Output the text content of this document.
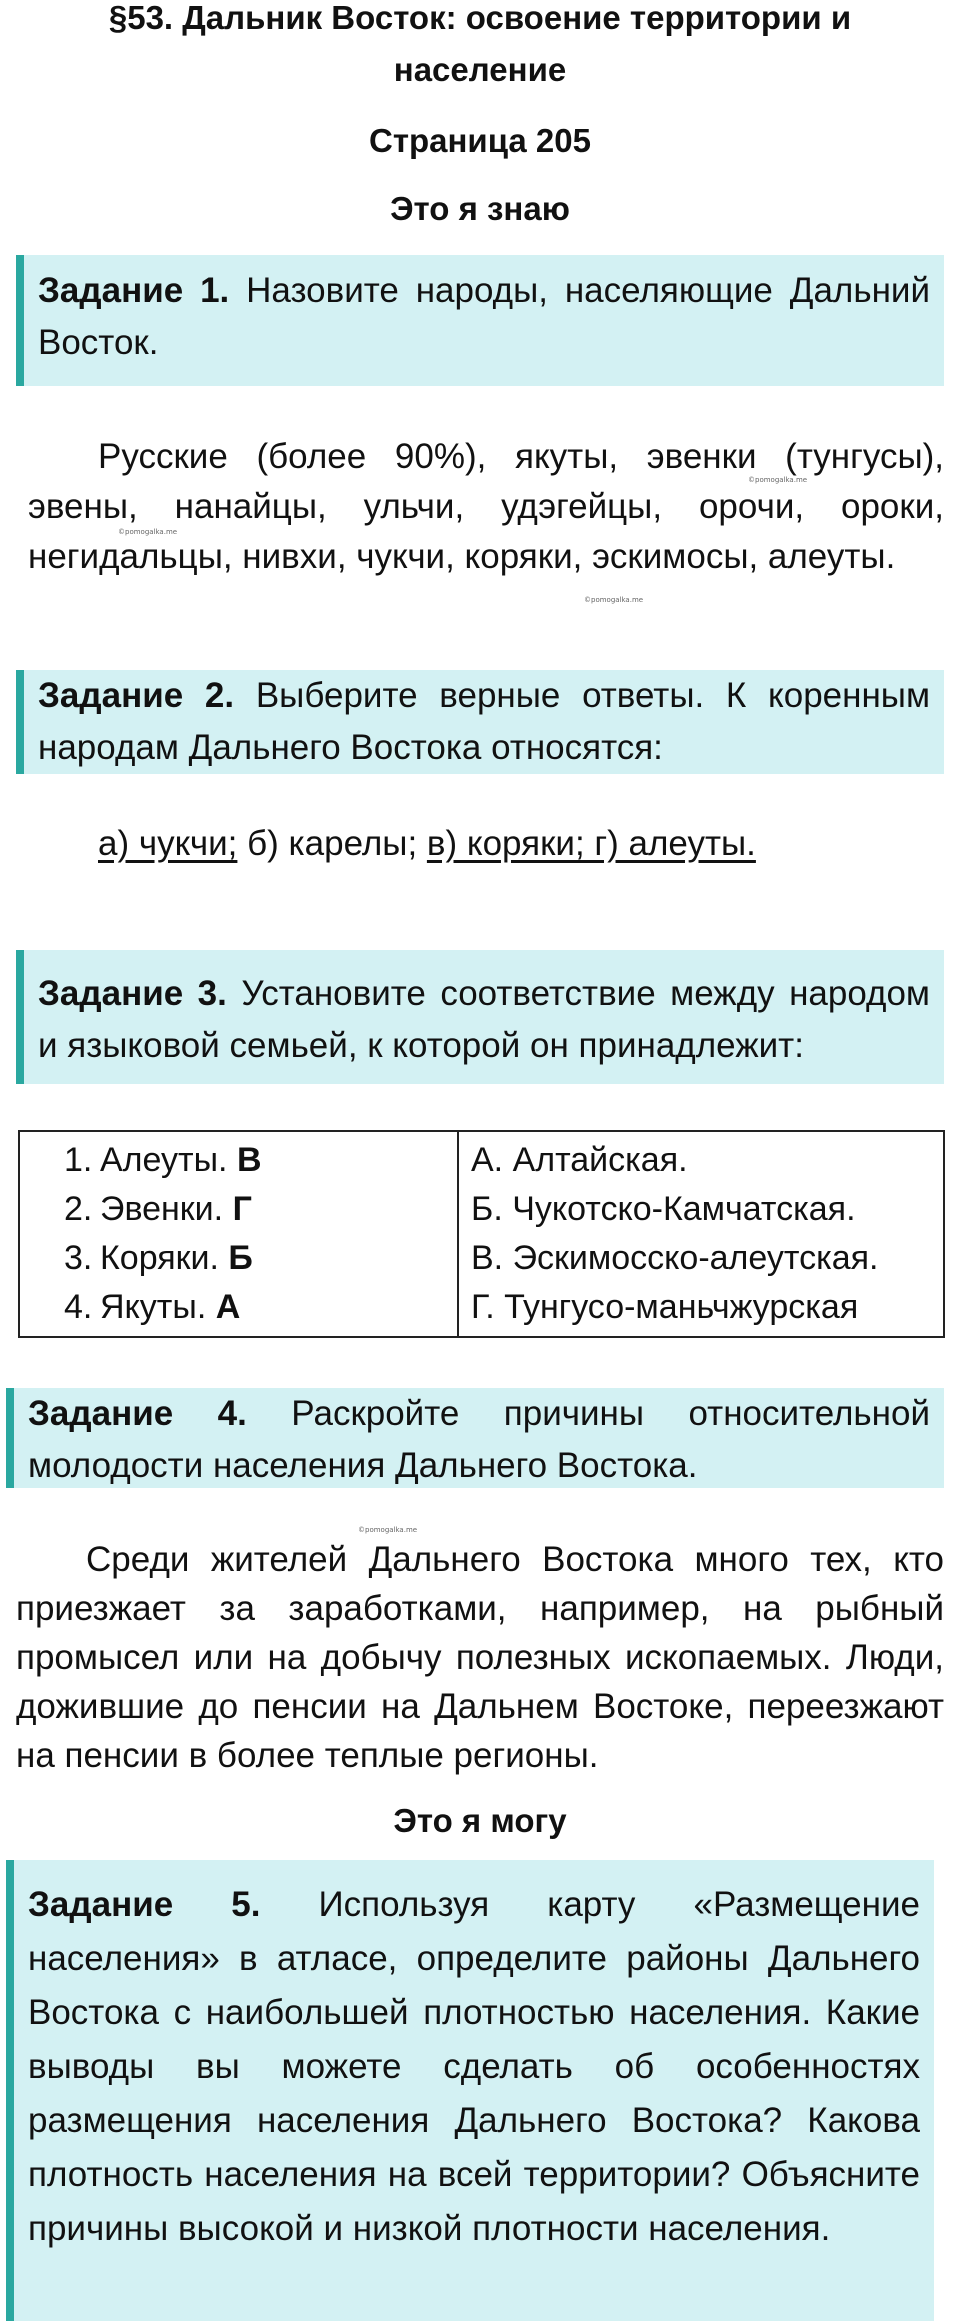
§53. Дальник Восток: освоение территории и
население
Страница 205
Это я знаю
Задание 1. Назовите народы, населяющие Дальний Восток.
Русские (более 90%), якуты, эвенки (тунгусы), эвены, нанайцы, ульчи, удэгейцы, орочи, ороки, негидальцы, нивхи, чукчи, коряки, эскимосы, алеуты.
©pomogalka.me
©pomogalka.me
©pomogalka.me
Задание 2. Выберите верные ответы. К коренным народам Дальнего Востока относятся:
а) чукчи; б) карелы; в) коряки; г) алеуты.
Задание 3. Установите соответствие между народом и языковой семьей, к которой он принадлежит:
1. Алеуты. В
2. Эвенки. Г
3. Коряки. Б
4. Якуты. А

А. Алтайская.
Б. Чукотско-Камчатская.
В. Эскимосско-алеутская.
Г. Тунгусо-маньчжурская
Задание 4. Раскройте причины относительной молодости населения Дальнего Востока.
©pomogalka.me
Среди жителей Дальнего Востока много тех, кто приезжает за заработками, например, на рыбный промысел или на добычу полезных ископаемых. Люди, дожившие до пенсии на Дальнем Востоке, переезжают на пенсии в более теплые регионы.
Это я могу
Задание 5. Используя карту «Размещение населения» в атласе, определите районы Дальнего Востока с наибольшей плотностью населения. Какие выводы вы можете сделать об особенностях размещения населения Дальнего Востока? Какова плотность населения на всей территории? Объясните причины высокой и низкой плотности населения.
